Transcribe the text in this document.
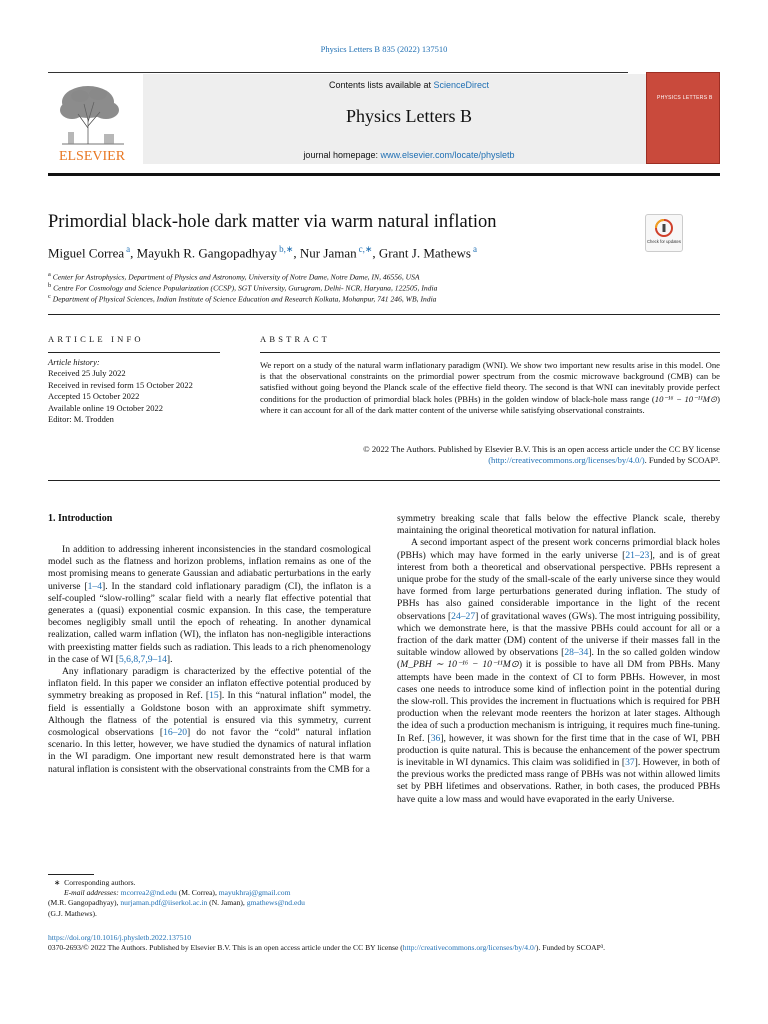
Physics Letters B 835 (2022) 137510
ELSEVIER
Contents lists available at ScienceDirect
Physics Letters B
journal homepage: www.elsevier.com/locate/physletb
PHYSICS LETTERS B
Primordial black-hole dark matter via warm natural inflation
Check for updates
Miguel Correa $^a$, Mayukh R. Gangopadhyay $^{b,∗}$, Nur Jaman $^{c,∗}$, Grant J. Mathews $^a$
$^a$ Center for Astrophysics, Department of Physics and Astronomy, University of Notre Dame, Notre Dame, IN, 46556, USA
$^b$ Centre For Cosmology and Science Popularization (CCSP), SGT University, Gurugram, Delhi- NCR, Haryana, 122505, India
$^c$ Department of Physical Sciences, Indian Institute of Science Education and Research Kolkata, Mohanpur, 741 246, WB, India
ARTICLE INFO
Article history:
Received 25 July 2022
Received in revised form 15 October 2022
Accepted 15 October 2022
Available online 19 October 2022
Editor: M. Trodden
ABSTRACT
We report on a study of the natural warm inflationary paradigm (WNI). We show two important new results arise in this model. One is that the observational constraints on the primordial power spectrum from the cosmic microwave background (CMB) can be satisfied without going beyond the Planck scale of the effective field theory. The second is that WNI can inevitably provide perfect conditions for the production of primordial black holes (PBHs) in the golden window of black-hole mass range (10⁻¹⁶ − 10⁻¹¹M⊙) where it can account for all of the dark matter content of the universe while satisfying observational constraints.
© 2022 The Authors. Published by Elsevier B.V. This is an open access article under the CC BY license
(http://creativecommons.org/licenses/by/4.0/). Funded by SCOAP³.
1. Introduction

In addition to addressing inherent inconsistencies in the standard cosmological model such as the flatness and horizon problems, inflation remains as one of the most promising means to generate Gaussian and adiabatic perturbations in the early universe [1–4]. In the standard cold inflationary paradigm (CI), the inflaton is a self-coupled “slow-rolling” scalar field with a nearly flat effective potential that generates a (quasi) exponential cosmic expansion. In this case, the temperature becomes negligibly small until the epoch of reheating. In another dynamical realization, called warm inflation (WI), the inflaton has non-negligible interactions with preexisting matter fields such as radiation. This leads to a rich phenomenology in the case of WI [5,6,8,7,9–14].

Any inflationary paradigm is characterized by the effective potential of the inflaton field. In this paper we consider an inflaton effective potential produced by symmetry breaking as proposed in Ref. [15]. In this “natural inflation” model, the field is essentially a Goldstone boson with an approximate shift symmetry. Although the flatness of the potential is ensured via this symmetry, current cosmological observations [16–20] do not favor the “cold” natural inflation scenario. In this letter, however, we have studied the dynamics of natural inflation in the WI paradigm. One important new result demonstrated here is that warm natural inflation is consistent with the observational constraints from the CMB for a

symmetry breaking scale that falls below the effective Planck scale, thereby maintaining the original theoretical motivation for natural inflation.

A second important aspect of the present work concerns primordial black holes (PBHs) which may have formed in the early universe [21–23], and is of great interest from both a theoretical and observational perspective. PBHs represent a unique probe for the study of the small-scale of the early universe since they would have formed from large perturbations generated during inflation. The study of PBHs has also gained considerable importance in the light of the recent observations [24–27] of gravitational waves (GWs). The most intriguing possibility, which we demonstrate here, is that the massive PBHs could account for all or a fraction of the dark matter (DM) content of the universe if their masses fall in the suitable window allowed by observations [28–34]. In the so called golden window (M_PBH ∼ 10⁻¹⁶ − 10⁻¹¹M⊙) it is possible to have all DM from PBHs. Many attempts have been made in the context of CI to form PBHs. However, in most cases one needs to introduce some kind of inflection point in the potential during the slow-roll. This provides the increment in fluctuations which is required for PBH production when the relevant mode reenters the horizon at later stages. Although the idea of such a production mechanism is intriguing, it requires much fine-tuning. In Ref. [36], however, it was shown for the first time that in the case of WI, PBH production is quite natural. This is because the enhancement of the power spectrum is inevitable in WI dynamics. This claim was solidified in [37]. However, in both of the previous works the predicted mass range of PBHs was not within allowed limits set by PBH lifetimes and observations. Rather, in both cases, the produced PBHs have quite a low mass and would have evaporated in the early Universe.

∗ Corresponding authors.
E-mail addresses: mcorrea2@nd.edu (M. Correa), mayukhraj@gmail.com
(M.R. Gangopadhyay), nurjaman.pdf@iiserkol.ac.in (N. Jaman), gmathews@nd.edu
(G.J. Mathews).
https://doi.org/10.1016/j.physletb.2022.137510
0370-2693/© 2022 The Authors. Published by Elsevier B.V. This is an open access article under the CC BY license (http://creativecommons.org/licenses/by/4.0/). Funded by SCOAP³.
